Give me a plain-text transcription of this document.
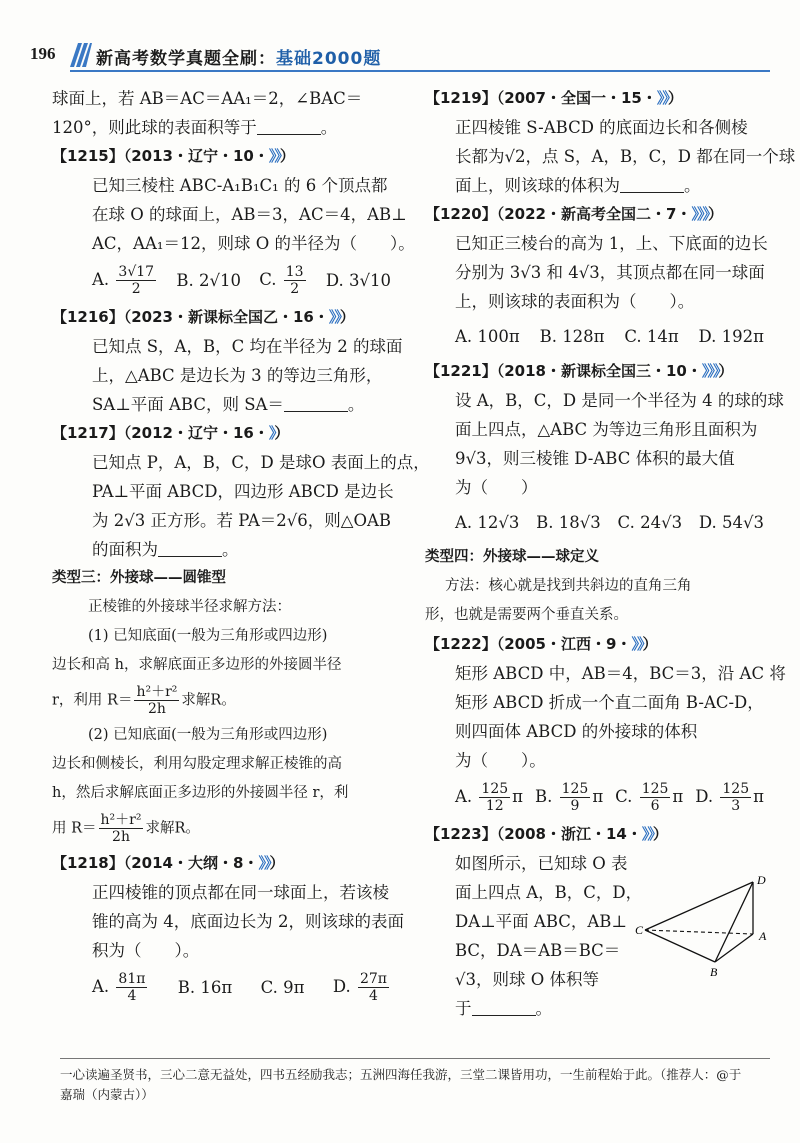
196 新高考数学真题全刷：基础2000题

球面上，若 AB＝AC＝AA₁＝2，∠BAC＝

120°，则此球的表面积等于	。

【1215】（2013・辽宁・10・》》）

已知三棱柱 ABC-A₁B₁C₁ 的 6 个顶点都

在球 O 的球面上，AB＝3，AC＝4，AB⊥

AC，AA₁＝12，则球 O 的半径为（　　）。

A. $\frac{3√17}{2} B$. 2√10 C. $\frac{13}{2} D$. 3√10

【1216】（2023・新课标全国乙・16・》》）

已知点 S，A，B，C 均在半径为 2 的球面

上，△ABC 是边长为 3 的等边三角形，

SA⊥平面 ABC，则 SA＝	。

【1217】（2012・辽宁・16・》）

已知点 P，A，B，C，D 是球O 表面上的点，

PA⊥平面 ABCD，四边形 ABCD 是边长

为 2√3 正方形。若 PA＝2√6，则△OAB

的面积为	。

类型三：外接球——圆锥型

正棱锥的外接球半径求解方法：

(1) 已知底面(一般为三角形或四边形)

边长和高 h，求解底面正多边形的外接圆半径

r，利用 $R= \frac{\text{h²＋r²}}{2h}$ 求解R。

(2) 已知底面(一般为三角形或四边形)

边长和侧棱长，利用勾股定理求解正棱锥的高

h，然后求解底面正多边形的外接圆半径 r，利

用 $R= \frac{\text{h²＋r²}}{2h}$ 求解R。

【1218】（2014・大纲・8・》》）

正四棱锥的顶点都在同一球面上，若该棱

锥的高为 4，底面边长为 2，则该球的表面

积为（　　）。

A. $\frac{81\pi}{4} B$. 16π C. 9π D. $\frac{27\pi}{4}$

【1219】（2007・全国一・15・》》）

正四棱锥 S-ABCD 的底面边长和各侧棱

长都为√2，点 S，A，B，C，D 都在同一个球

面上，则该球的体积为	。

【1220】（2022・新高考全国二・7・》》》）

已知正三棱台的高为 1，上、下底面的边长

分别为 3√3 和 4√3，其顶点都在同一球面

上，则该球的表面积为（　　）。

A. 100π B. 128π C. 14π D. 192π

【1221】（2018・新课标全国三・10・》》》）

设 A，B，C，D 是同一个半径为 4 的球的球

面上四点，△ABC 为等边三角形且面积为

9√3，则三棱锥 D-ABC 体积的最大值

为（　　）

A. 12√3 B. 18√3 C. 24√3 D. 54√3

类型四：外接球——球定义

方法：核心就是找到共斜边的直角三角

形，也就是需要两个垂直关系。

【1222】（2005・江西・9・》》）

矩形 ABCD 中，AB＝4，BC＝3，沿 AC 将

矩形 ABCD 折成一个直二面角 B-AC-D，

则四面体 ABCD 的外接球的体积

为（　　）。

A. $\frac{125}{12}$ π B. $\frac{125}{9}$ π C. $\frac{125}{6}$ π D. $\frac{125}{3}$ π

【1223】（2008・浙江・14・》》）

如图所示，已知球 O 表

面上四点 A，B，C，D，

DA⊥平面 ABC，AB⊥

BC，DA＝AB＝BC＝

√3，则球 O 体积等

于	。

D
A
B
C
一心读遍圣贤书，三心二意无益处，四书五经励我志；五洲四海任我游，三堂二课皆用功，一生前程始于此。（推荐人：@于
嘉瑞（内蒙古））
